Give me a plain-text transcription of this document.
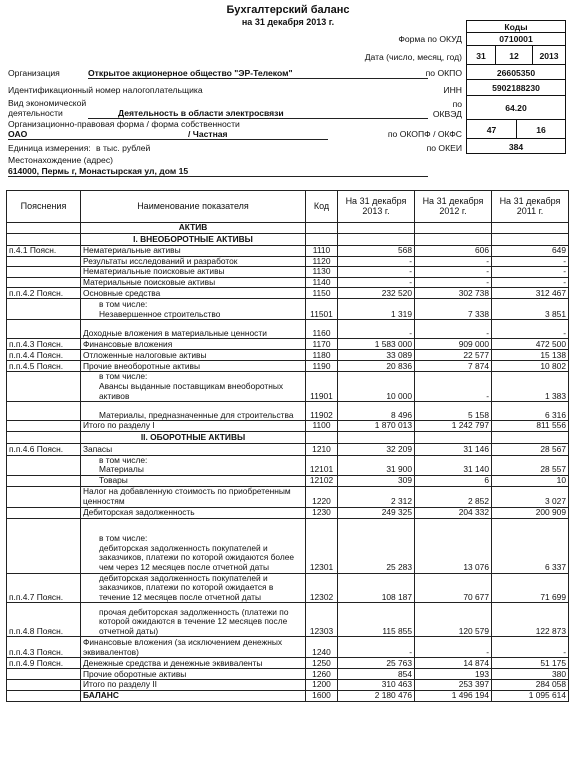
Бухгалтерский баланс
на 31 декабря 2013 г.	Коды
Форма по ОКУД	0710001
Дата (число, месяц, год)	31	12	2013
по ОКПО	26605350
ИНН	5902188230
по
ОКВЭД
64.20
по ОКОПФ / ОКФС	47	16
по ОКЕИ	384
Организация	Открытое акционерное общество "ЭР-Телеком"
Идентификационный номер налогоплательщика
Вид экономической
деятельности	Деятельность в области электросвязи
Организационно-правовая форма / форма собственности
ОАО	/ Частная
Единица измерения: в тыс. рублей
Местонахождение (адрес)
614000, Пермь г, Монастырская ул, дом 15
Пояснения	Наименование показателя	Код	На 31 декабря 2013 г.	На 31 декабря 2012 г.	На 31 декабря 2011 г.
	АКТИВ				
	I. ВНЕОБОРОТНЫЕ АКТИВЫ				
п.4.1 Поясн.	Нематериальные активы	1110	568	606	649
	Результаты исследований и разработок	1120	-	-	-
	Нематериальные поисковые активы	1130	-	-	-
	Материальные поисковые активы	1140	-	-	-
п.п.4.2 Поясн.	Основные средства	1150	232 520	302 738	312 467

	в том числе:
Незавершенное строительство	11501	1 319	7 338	3 851
	Доходные вложения в материальные ценности	1160	-	-	-
п.п.4.3 Поясн.	Финансовые вложения	1170	1 583 000	909 000	472 500
п.п.4.4 Поясн.	Отложенные налоговые активы	1180	33 089	22 577	15 138
п.п.4.5 Поясн.	Прочие внеоборотные активы	1190	20 836	7 874	10 802

	в том числе:
Авансы выданные поставщикам внеоборотных активов	11901	10 000	-	1 383
	Материалы, предназначенные для строительства	11902	8 496	5 158	6 316
	Итого по разделу I	1100	1 870 013	1 242 797	811 556
	II. ОБОРОТНЫЕ АКТИВЫ				
п.п.4.6 Поясн.	Запасы	1210	32 209	31 146	28 567

	в том числе:
Материалы	12101	31 900	31 140	28 557
	Товары	12102	309	6	10
	Налог на добавленную стоимость по приобретенным ценностям	1220	2 312	2 852	3 027
	Дебиторская задолженность	1230	249 325	204 332	200 909

	в том числе:
дебиторская задолженность покупателей и заказчиков, платежи по которой ожидаются более чем через 12 месяцев после отчетной даты	12301	25 283	13 076	6 337
п.п.4.7 Поясн.	дебиторская задолженность покупателей и заказчиков, платежи по которой ожидается в течение 12 месяцев после отчетной даты	12302	108 187	70 677	71 699
п.п.4.8 Поясн.	прочая дебиторская задолженность (платежи по которой ожидаются в течение 12 месяцев после отчетной даты)	12303	115 855	120 579	122 873
п.п.4.3 Поясн.	Финансовые вложения (за исключением денежных эквивалентов)	1240	-	-	-
п.п.4.9 Поясн.	Денежные средства и денежные эквиваленты	1250	25 763	14 874	51 175
	Прочие оборотные активы	1260	854	193	380
	Итого по разделу II	1200	310 463	253 397	284 058
	БАЛАНС	1600	2 180 476	1 496 194	1 095 614
